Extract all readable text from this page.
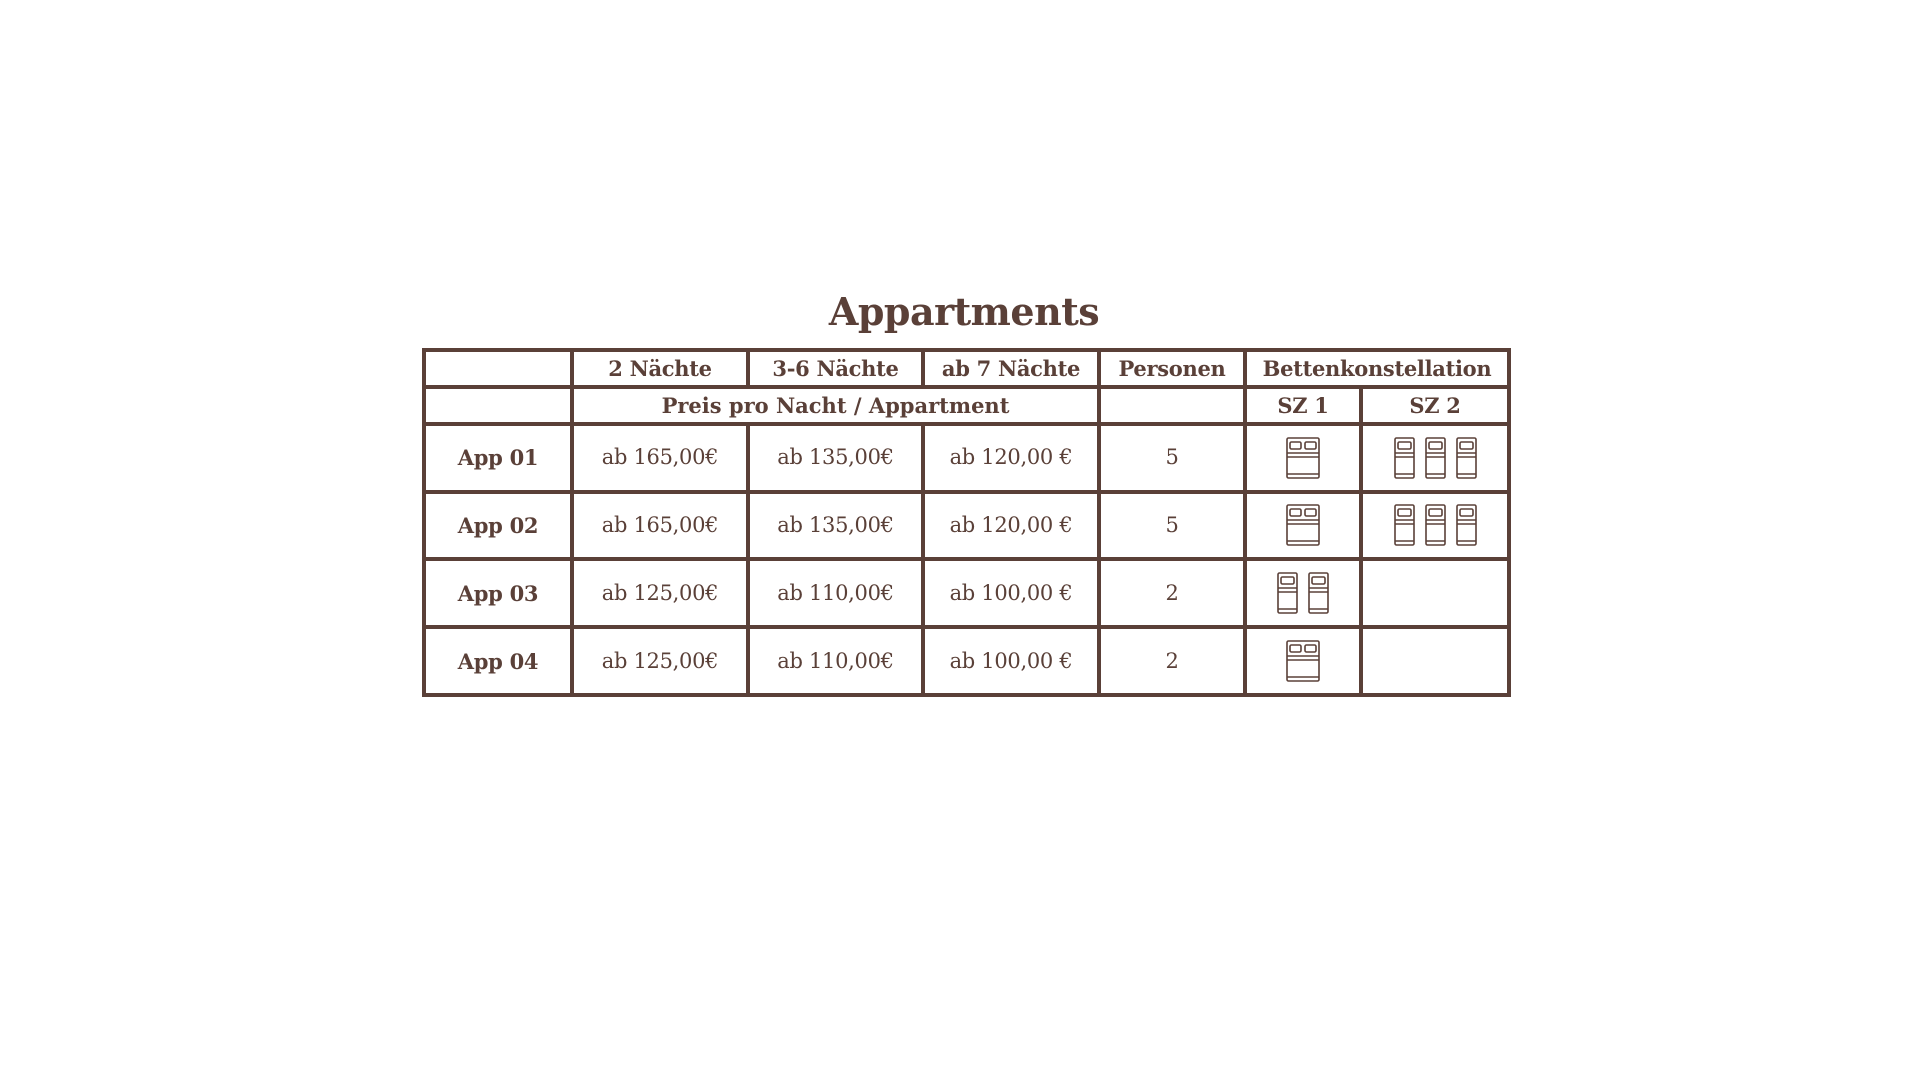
Appartments
	2 Nächte	3-6 Nächte	ab 7 Nächte	Personen	Bettenkonstellation	
	Preis pro Nacht / Appartment				SZ 1	SZ 2
App 01	ab 165,00€	ab 135,00€	ab 120,00 €	5	

App 02	ab 165,00€	ab 135,00€	ab 120,00 €	5	

App 03	ab 125,00€	ab 110,00€	ab 100,00 €	2	

App 04	ab 125,00€	ab 110,00€	ab 100,00 €	2	
